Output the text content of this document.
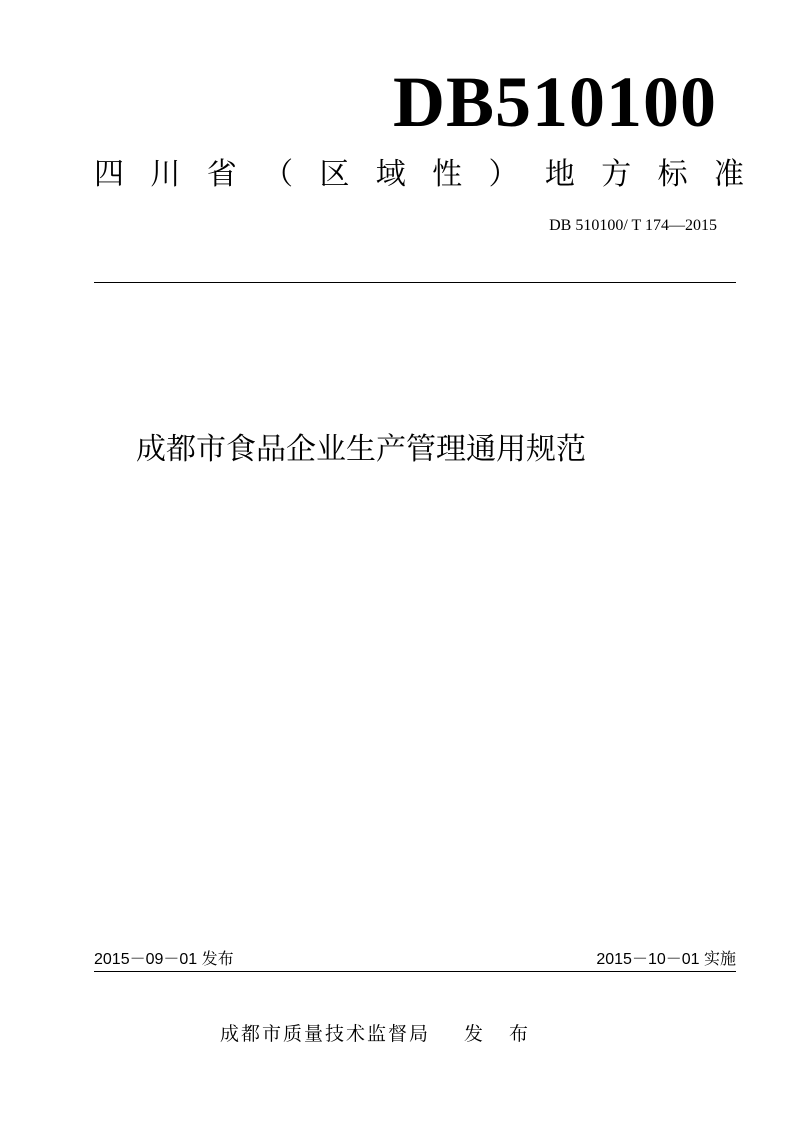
DB510100
四 川 省 （ 区 域 性 ） 地 方 标 准
DB 510100/ T 174—2015
成都市食品企业生产管理通用规范
2015－09－01 发布	2015－10－01 实施
成都市质量技术监督局 发 布
